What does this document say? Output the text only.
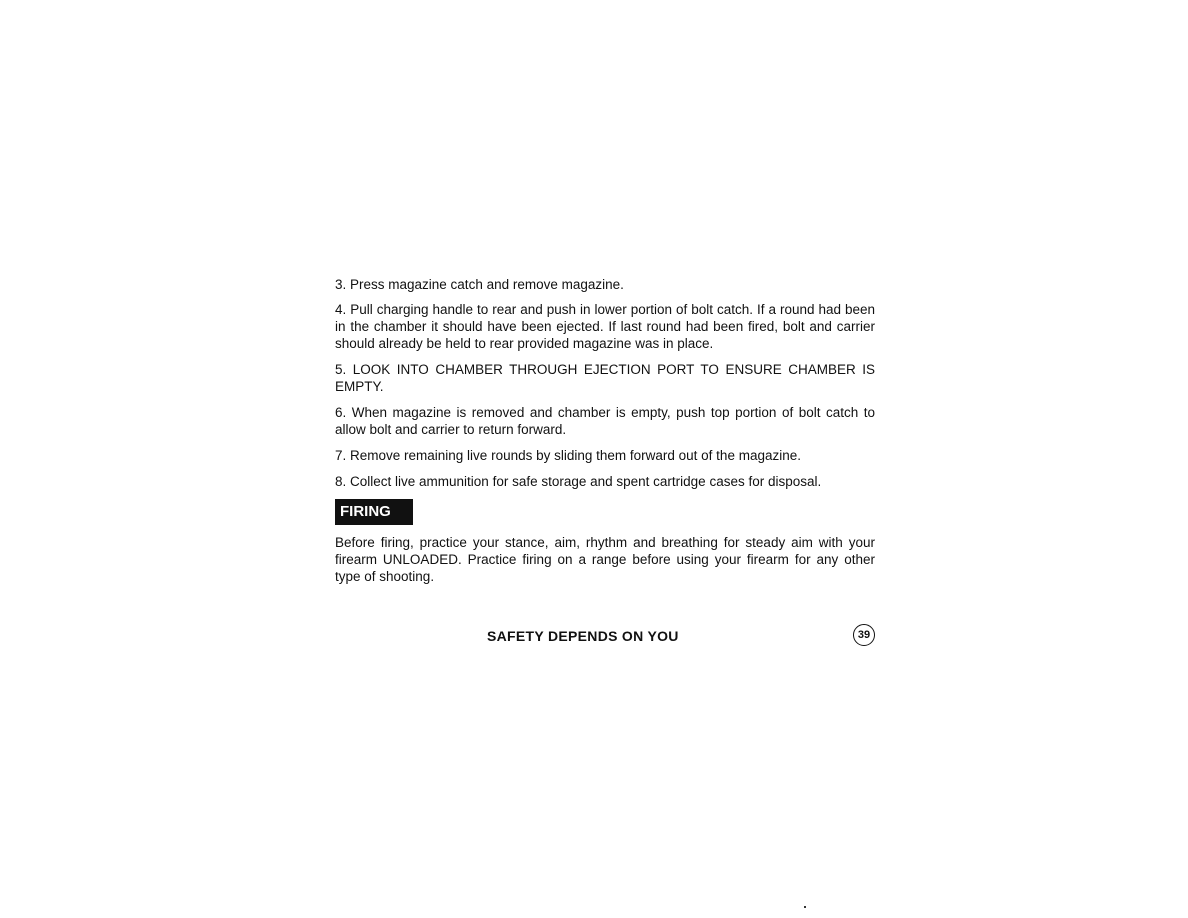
3. Press magazine catch and remove magazine.

4. Pull charging handle to rear and push in lower portion of bolt catch. If a round had been in the chamber it should have been ejected. If last round had been fired, bolt and carrier should already be held to rear provided magazine was in place.

5. LOOK INTO CHAMBER THROUGH EJECTION PORT TO ENSURE CHAMBER IS EMPTY.

6. When magazine is removed and chamber is empty, push top portion of bolt catch to allow bolt and carrier to return forward.

7. Remove remaining live rounds by sliding them forward out of the magazine.

8. Collect live ammunition for safe storage and spent cartridge cases for disposal.

FIRING

Before firing, practice your stance, aim, rhythm and breathing for steady aim with your firearm UNLOADED. Practice firing on a range before using your firearm for any other type of shooting.

SAFETY DEPENDS ON YOU	39
